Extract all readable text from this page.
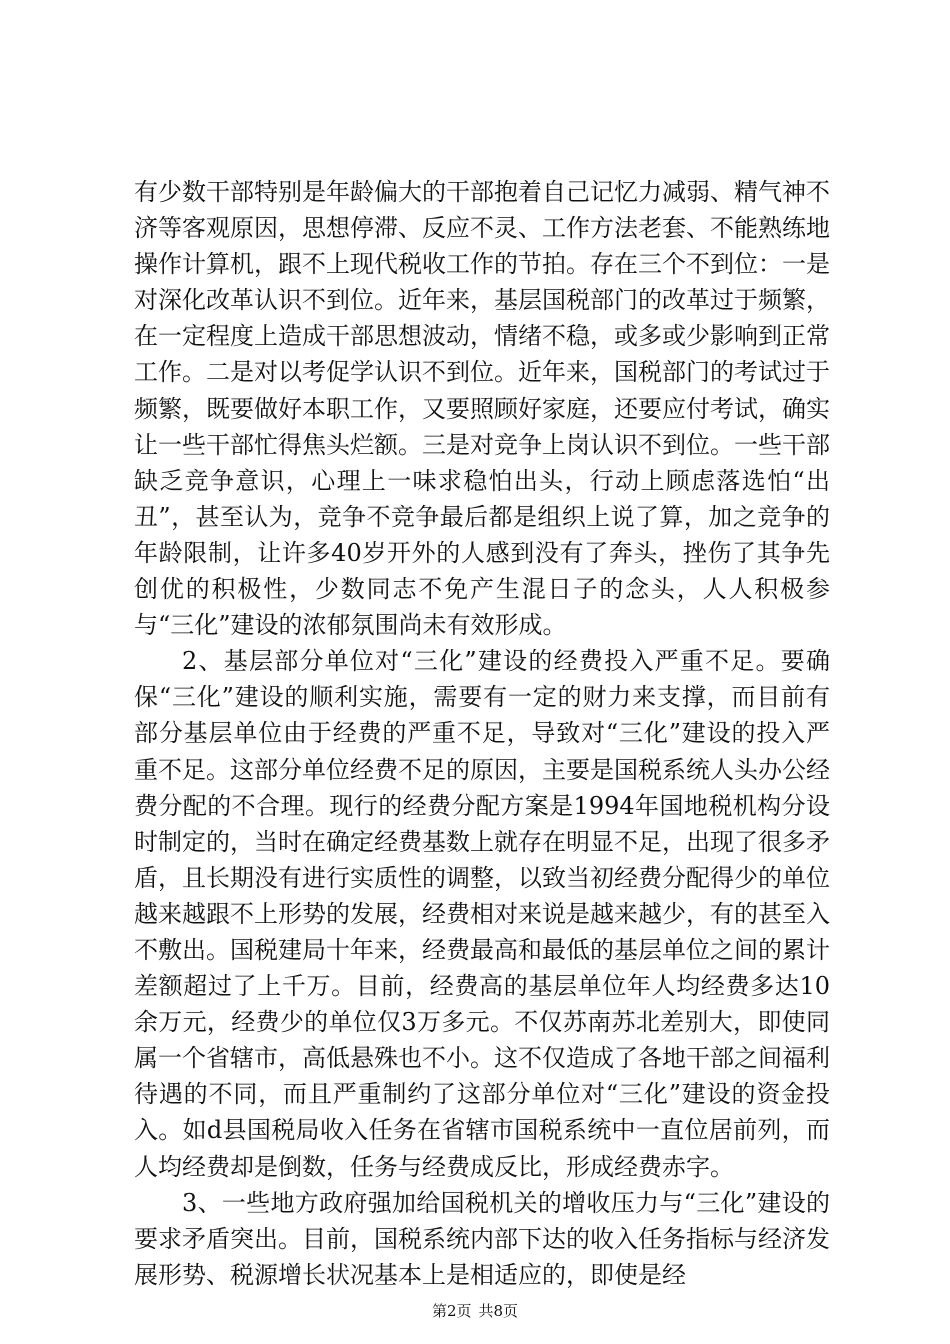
有少数干部特别是年龄偏大的干部抱着自己记忆力减弱、精气神不济等客观原因，思想停滞、反应不灵、工作方法老套、不能熟练地操作计算机，跟不上现代税收工作的节拍。存在三个不到位：一是对深化改革认识不到位。近年来，基层国税部门的改革过于频繁，在一定程度上造成干部思想波动，情绪不稳，或多或少影响到正常工作。二是对以考促学认识不到位。近年来，国税部门的考试过于频繁，既要做好本职工作，又要照顾好家庭，还要应付考试，确实让一些干部忙得焦头烂额。三是对竞争上岗认识不到位。一些干部缺乏竞争意识，心理上一味求稳怕出头，行动上顾虑落选怕“出丑”，甚至认为，竞争不竞争最后都是组织上说了算，加之竞争的年龄限制，让许多40岁开外的人感到没有了奔头，挫伤了其争先创优的积极性，少数同志不免产生混日子的念头，人人积极参与“三化”建设的浓郁氛围尚未有效形成。

2、基层部分单位对“三化”建设的经费投入严重不足。要确保“三化”建设的顺利实施，需要有一定的财力来支撑，而目前有部分基层单位由于经费的严重不足，导致对“三化”建设的投入严重不足。这部分单位经费不足的原因，主要是国税系统人头办公经费分配的不合理。现行的经费分配方案是1994年国地税机构分设时制定的，当时在确定经费基数上就存在明显不足，出现了很多矛盾，且长期没有进行实质性的调整，以致当初经费分配得少的单位越来越跟不上形势的发展，经费相对来说是越来越少，有的甚至入不敷出。国税建局十年来，经费最高和最低的基层单位之间的累计差额超过了上千万。目前，经费高的基层单位年人均经费多达10余万元，经费少的单位仅3万多元。不仅苏南苏北差别大，即使同属一个省辖市，高低悬殊也不小。这不仅造成了各地干部之间福利待遇的不同，而且严重制约了这部分单位对“三化”建设的资金投入。如d县国税局收入任务在省辖市国税系统中一直位居前列，而人均经费却是倒数，任务与经费成反比，形成经费赤字。

3、一些地方政府强加给国税机关的增收压力与“三化”建设的要求矛盾突出。目前，国税系统内部下达的收入任务指标与经济发展形势、税源增长状况基本上是相适应的，即使是经

第2页 共8页
